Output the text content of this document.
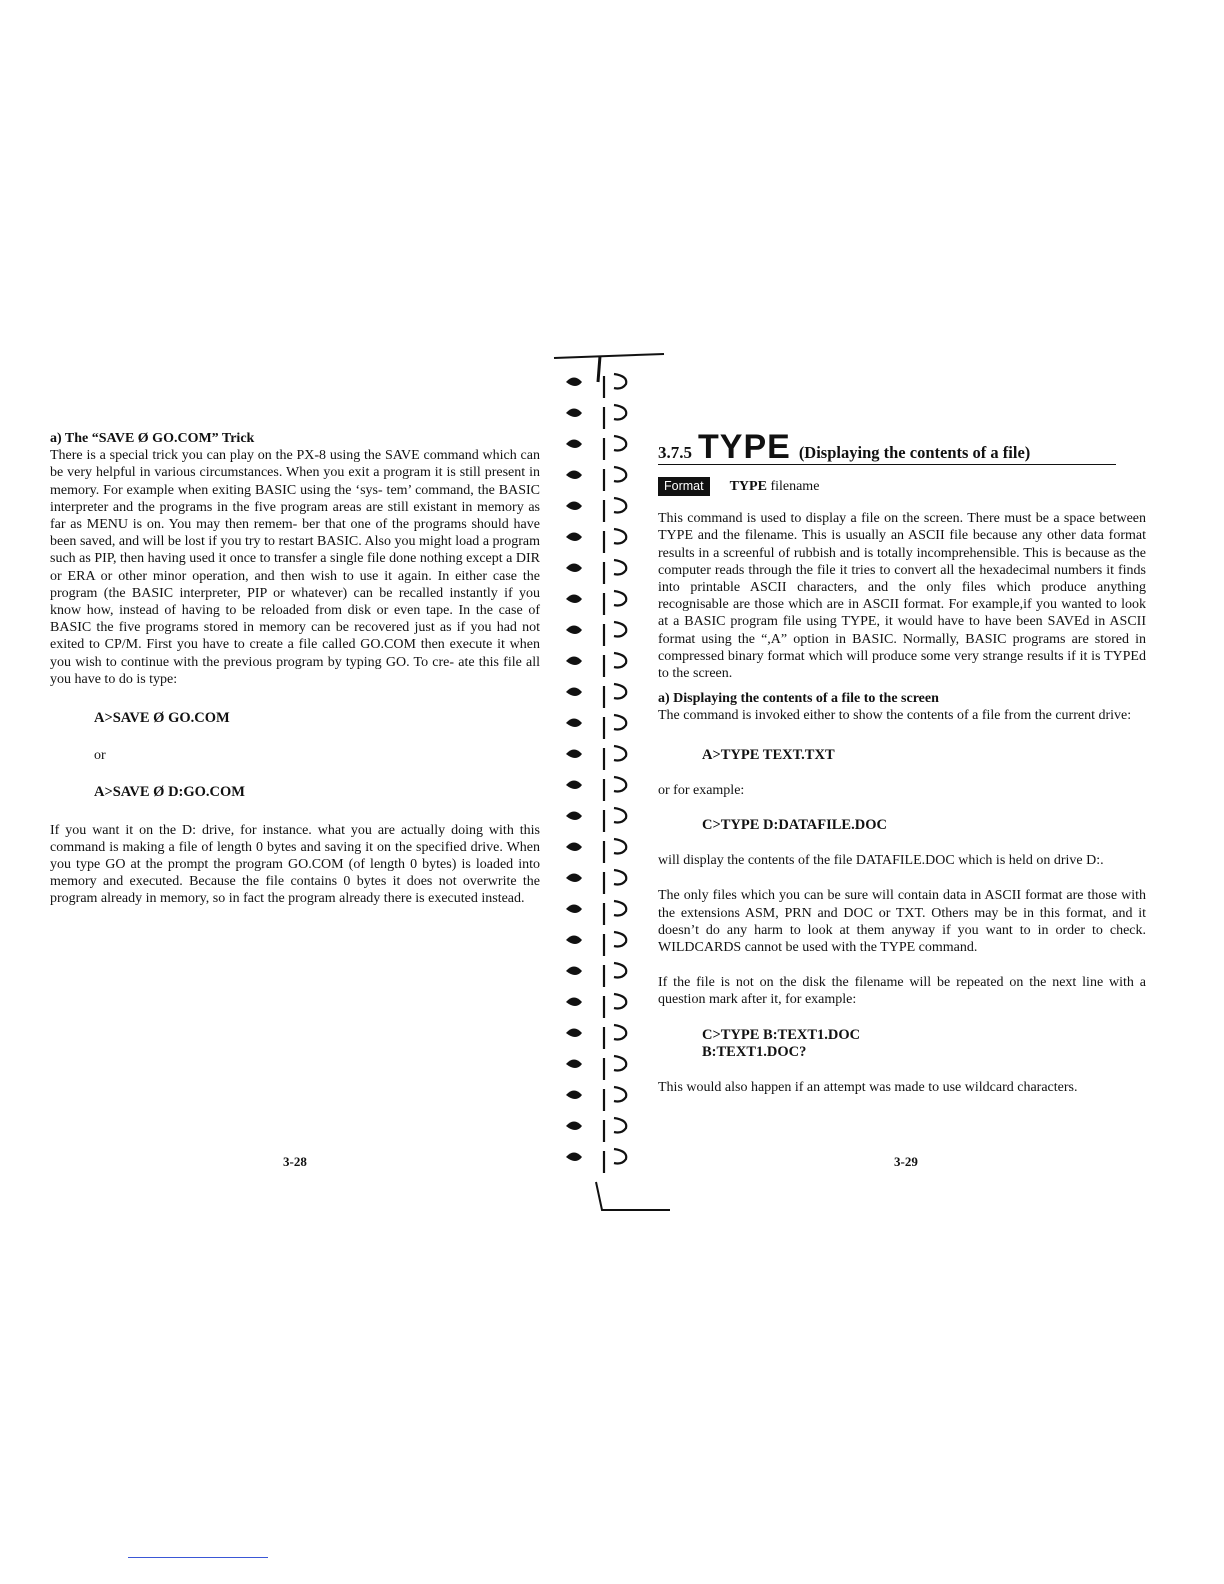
a) The “SAVE Ø GO.COM” Trick

There is a special trick you can play on the PX-8 using the SAVE command which can be very helpful in various circumstances. When you exit a program it is still present in memory. For example when exiting BASIC using the ‘sys- tem’ command, the BASIC interpreter and the programs in the five program areas are still existant in memory as far as MENU is on. You may then remem- ber that one of the programs should have been saved, and will be lost if you try to restart BASIC. Also you might load a program such as PIP, then having used it once to transfer a single file done nothing except a DIR or ERA or other minor operation, and then wish to use it again. In either case the program (the BASIC interpreter, PIP or whatever) can be recalled instantly if you know how, instead of having to be reloaded from disk or even tape. In the case of BASIC the five programs stored in memory can be recovered just as if you had not exited to CP/M. First you have to create a file called GO.COM then execute it when you wish to continue with the previous program by typing GO. To cre- ate this file all you have to do is type:

A>SAVE Ø GO.COM

or

A>SAVE Ø D:GO.COM

If you want it on the D: drive, for instance. what you are actually doing with this command is making a file of length 0 bytes and saving it on the specified drive. When you type GO at the prompt the program GO.COM (of length 0 bytes) is loaded into memory and executed. Because the file contains 0 bytes it does not overwrite the program already in memory, so in fact the program already there is executed instead.

3-28
3.7.5 TYPE (Displaying the contents of a file)
Format	TYPE
filename

This command is used to display a file on the screen. There must be a space between TYPE and the filename. This is usually an ASCII file because any other data format results in a screenful of rubbish and is totally incomprehensible. This is because as the computer reads through the file it tries to convert all the hexadecimal numbers it finds into printable ASCII characters, and the only files which produce anything recognisable are those which are in ASCII format. For example,if you wanted to look at a BASIC program file using TYPE, it would have to have been SAVEd in ASCII format using the “,A” option in BASIC. Normally, BASIC programs are stored in compressed binary format which will produce some very strange results if it is TYPEd to the screen.

a) Displaying the contents of a file to the screen

The command is invoked either to show the contents of a file from the current drive:

A>TYPE TEXT.TXT

or for example:

C>TYPE D:DATAFILE.DOC

will display the contents of the file DATAFILE.DOC which is held on drive D:.

The only files which you can be sure will contain data in ASCII format are those with the extensions ASM, PRN and DOC or TXT. Others may be in this format, and it doesn’t do any harm to look at them anyway if you want to in order to check. WILDCARDS cannot be used with the TYPE command.

If the file is not on the disk the filename will be repeated on the next line with a question mark after it, for example:

C>TYPE B:TEXT1.DOC

B:TEXT1.DOC?

This would also happen if an attempt was made to use wildcard characters.

3-29
